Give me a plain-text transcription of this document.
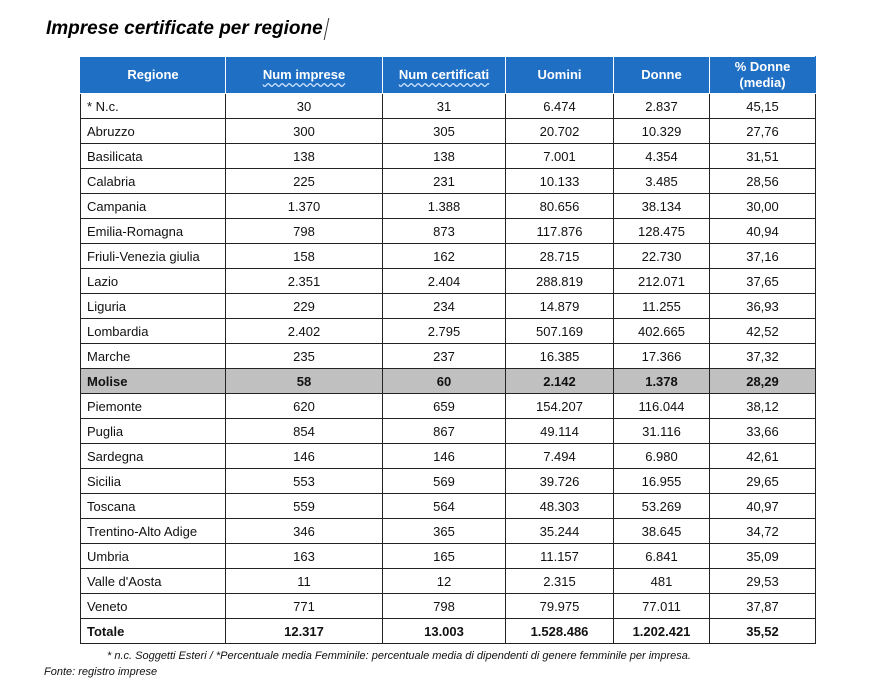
Imprese certificate per regione
Regione	Num imprese	Num certificati	Uomini	Donne	% Donne
(media)
* N.c.	30	31	6.474	2.837	45,15
Abruzzo	300	305	20.702	10.329	27,76
Basilicata	138	138	7.001	4.354	31,51
Calabria	225	231	10.133	3.485	28,56
Campania	1.370	1.388	80.656	38.134	30,00
Emilia-Romagna	798	873	117.876	128.475	40,94
Friuli-Venezia giulia	158	162	28.715	22.730	37,16
Lazio	2.351	2.404	288.819	212.071	37,65
Liguria	229	234	14.879	11.255	36,93
Lombardia	2.402	2.795	507.169	402.665	42,52
Marche	235	237	16.385	17.366	37,32
Molise	58	60	2.142	1.378	28,29
Piemonte	620	659	154.207	116.044	38,12
Puglia	854	867	49.114	31.116	33,66
Sardegna	146	146	7.494	6.980	42,61
Sicilia	553	569	39.726	16.955	29,65
Toscana	559	564	48.303	53.269	40,97
Trentino-Alto Adige	346	365	35.244	38.645	34,72
Umbria	163	165	11.157	6.841	35,09
Valle d'Aosta	11	12	2.315	481	29,53
Veneto	771	798	79.975	77.011	37,87
Totale	12.317	13.003	1.528.486	1.202.421	35,52
* n.c. Soggetti Esteri / *Percentuale media Femminile: percentuale media di dipendenti di genere femminile per impresa.
Fonte: registro imprese
